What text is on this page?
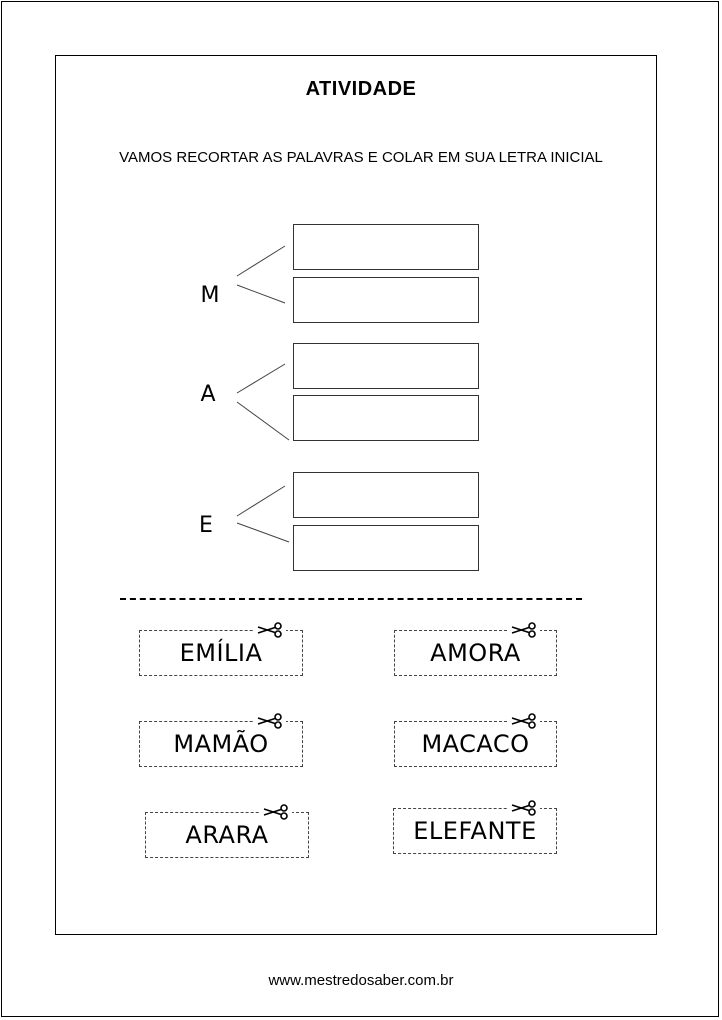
ATIVIDADE
VAMOS RECORTAR AS PALAVRAS E COLAR EM SUA LETRA INICIAL
M
A
E
EMÍLIA	AMORA
MAMÃO	MACACO
ARARA	ELEFANTE
www.mestredosaber.com.br
